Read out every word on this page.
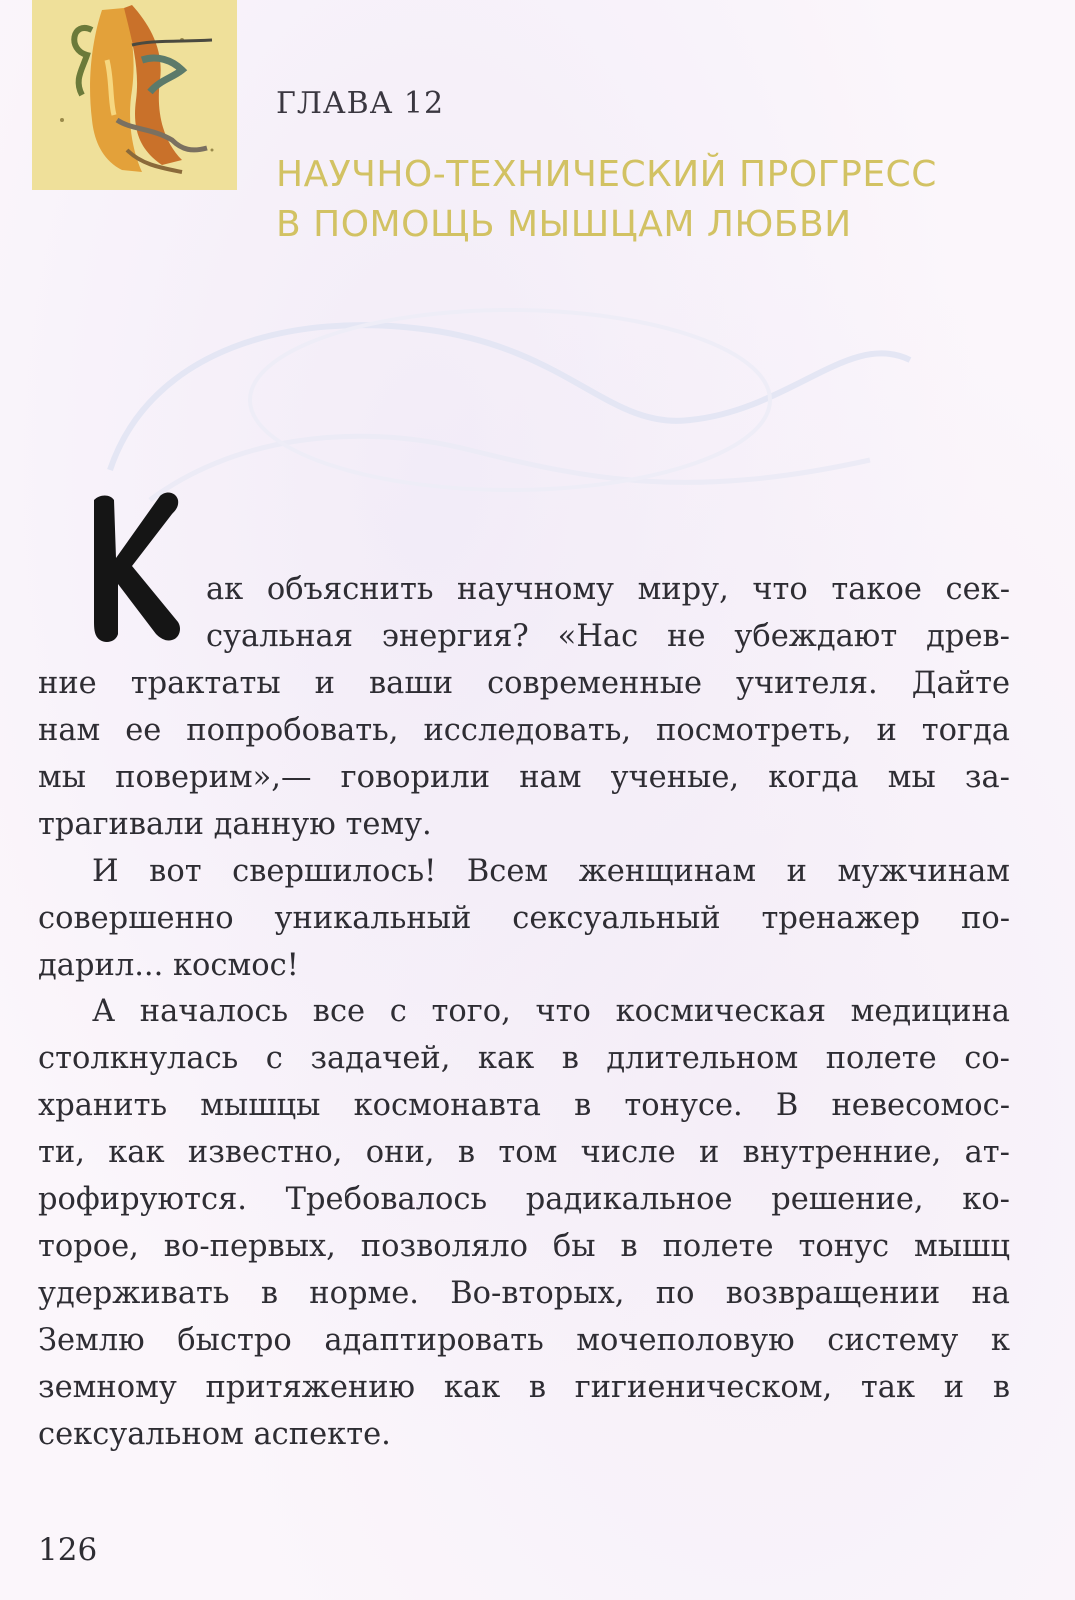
ГЛАВА 12
НАУЧНО-ТЕХНИЧЕСКИЙ ПРОГРЕСС
В ПОМОЩЬ МЫШЦАМ ЛЮБВИ
ак объяснить научному миру, что такое сек-
суальная энергия? «Нас не убеждают древ-
ние трактаты и ваши современные учителя. Дайте
нам ее попробовать, исследовать, посмотреть, и тогда
мы поверим»,— говорили нам ученые, когда мы за-
трагивали данную тему.
И вот свершилось! Всем женщинам и мужчинам
совершенно уникальный сексуальный тренажер по-
дарил... космос!
А началось все с того, что космическая медицина
столкнулась с задачей, как в длительном полете со-
хранить мышцы космонавта в тонусе. В невесомос-
ти, как известно, они, в том числе и внутренние, ат-
рофируются. Требовалось радикальное решение, ко-
торое, во-первых, позволяло бы в полете тонус мышц
удерживать в норме. Во-вторых, по возвращении на
Землю быстро адаптировать мочеполовую систему к
земному притяжению как в гигиеническом, так и в
сексуальном аспекте.
126
